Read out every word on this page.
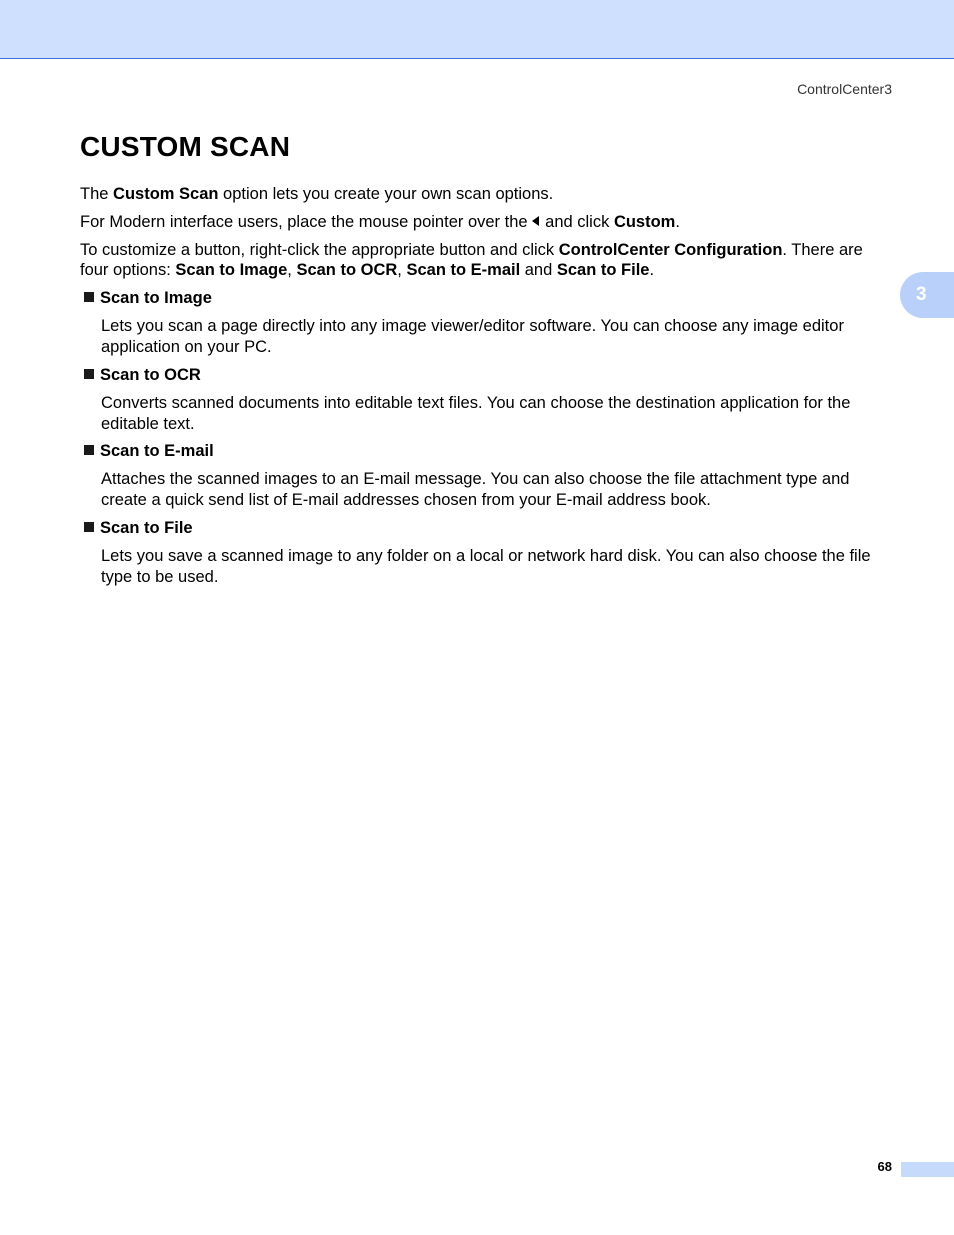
ControlCenter3
3
CUSTOM SCAN

The Custom Scan option lets you create your own scan options.

For Modern interface users, place the mouse pointer over the and click Custom.

To customize a button, right-click the appropriate button and click ControlCenter Configuration. There are four options: Scan to Image, Scan to OCR, Scan to E-mail and Scan to File.

Scan to Image

Lets you scan a page directly into any image viewer/editor software. You can choose any image editor application on your PC.

Scan to OCR

Converts scanned documents into editable text files. You can choose the destination application for the editable text.

Scan to E-mail

Attaches the scanned images to an E-mail message. You can also choose the file attachment type and create a quick send list of E-mail addresses chosen from your E-mail address book.

Scan to File

Lets you save a scanned image to any folder on a local or network hard disk. You can also choose the file type to be used.

68
